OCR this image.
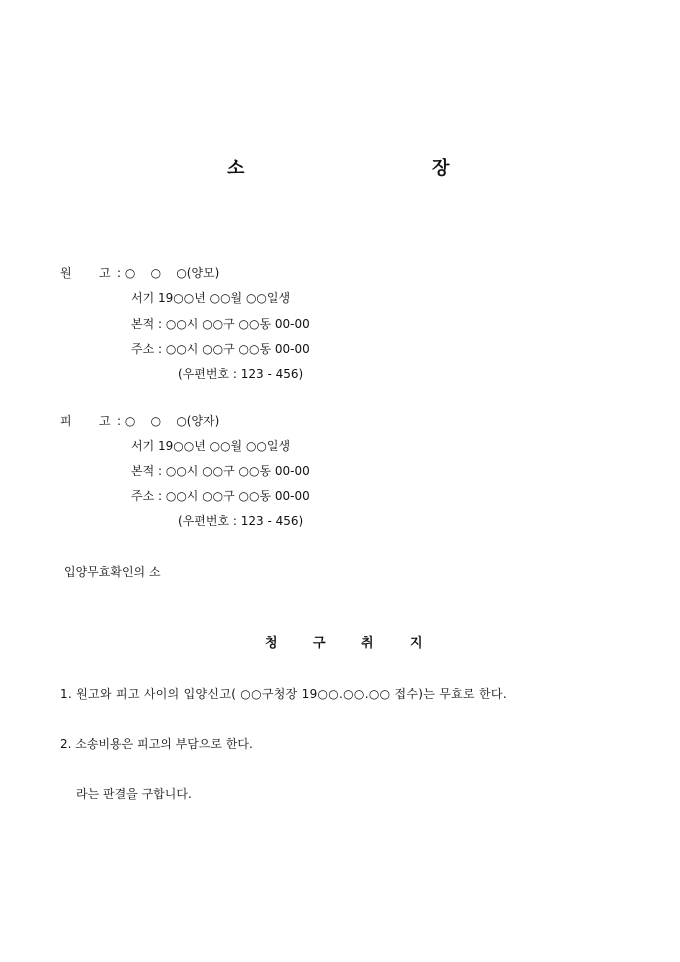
소	장
원 고 : ○    ○    ○(양모)
서기 19○○년 ○○월 ○○일생
본적 : ○○시 ○○구 ○○동 00-00
주소 : ○○시 ○○구 ○○동 00-00
(우편번호 : 123 - 456)
피 고 : ○    ○    ○(양자)
서기 19○○년 ○○월 ○○일생
본적 : ○○시 ○○구 ○○동 00-00
주소 : ○○시 ○○구 ○○동 00-00
(우편번호 : 123 - 456)
입양무효확인의 소
청	구	취	지
1. 원고와 피고 사이의 입양신고( ○○구청장 19○○.○○.○○ 접수)는 무효로 한다.
2. 소송비용은 피고의 부담으로 한다.
라는 판결을 구합니다.
